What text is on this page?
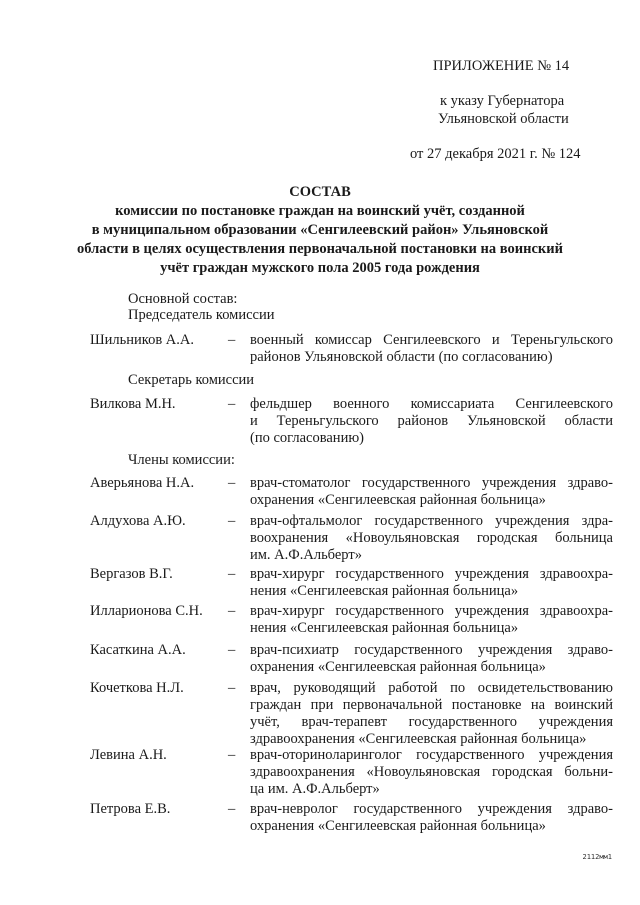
ПРИЛОЖЕНИЕ № 14
к указу Губернатора
Ульяновской области
от 27 декабря 2021 г. № 124
СОСТАВ
комиссии по постановке граждан на воинский учёт, созданной
в муниципальном образовании «Сенгилеевский район» Ульяновской
области в целях осуществления первоначальной постановки на воинский
учёт граждан мужского пола 2005 года рождения
Основной состав:
Председатель комиссии
Шильников А.А. – военный комиссар Сенгилеевского и Тереньгульского
районов Ульяновской области (по согласованию)
Секретарь комиссии
Вилкова М.Н.	– фельдшер военного комиссариата Сенгилеевского
и Тереньгульского районов Ульяновской области
(по согласованию)
Члены комиссии:
Аверьянова Н.А. – врач-стоматолог государственного учреждения здраво-
охранения «Сенгилеевская районная больница»
Алдухова А.Ю.	– врач-офтальмолог государственного учреждения здра-
воохранения «Новоульяновская городская больница
им. А.Ф.Альберт»
Вергазов В.Г.	– врач-хирург государственного учреждения здравоохра-
нения «Сенгилеевская районная больница»
Илларионова С.Н. – врач-хирург государственного учреждения здравоохра-
нения «Сенгилеевская районная больница»
Касаткина А.А.	– врач-психиатр государственного учреждения здраво-
охранения «Сенгилеевская районная больница»
Кочеткова Н.Л.	– врач, руководящий работой по освидетельствованию
граждан при первоначальной постановке на воинский
учёт, врач-терапевт государственного учреждения
здравоохранения «Сенгилеевская районная больница»
Левина А.Н.	– врач-оториноларинголог государственного учреждения
здравоохранения «Новоульяновская городская больни-
ца им. А.Ф.Альберт»
Петрова Е.В.	– врач-невролог государственного учреждения здраво-
охранения «Сенгилеевская районная больница»
2112мм1
